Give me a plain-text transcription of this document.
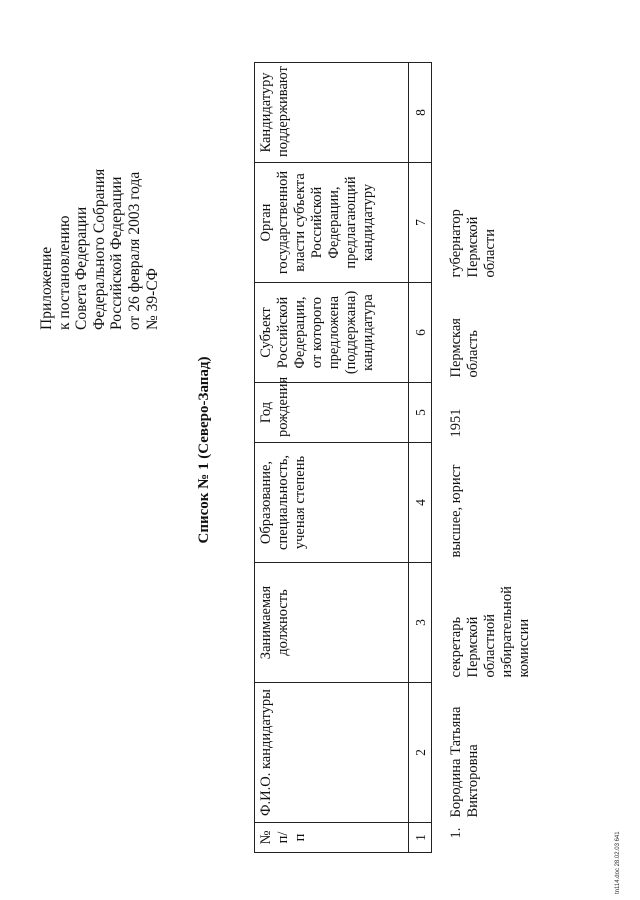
Приложение к постановлению Совета Федерации Федерального Собрания Российской Федерации от 26 февраля 2003 года № 39-СФ
Список № 1 (Северо-Запад)
№ п/п	Ф.И.О. кандидатуры	Занимаемая должность	Образование, специальность, ученая степень	Год рождения	Субъект Российской Федерации, от которого предложена (поддержана) кандидатура	Орган государственной власти субъекта Российской Федерации, предлагающий кандидатуру	Кандидатуру поддерживают
1	2	3	4	5	6	7	8
1.	Бородина Татьяна Викторовна	секретарь Пермской областной избирательной комиссии	высшее, юрист	1951	Пермская область	губернатор Пермской области	
tn114.doc 28.02.03 641
